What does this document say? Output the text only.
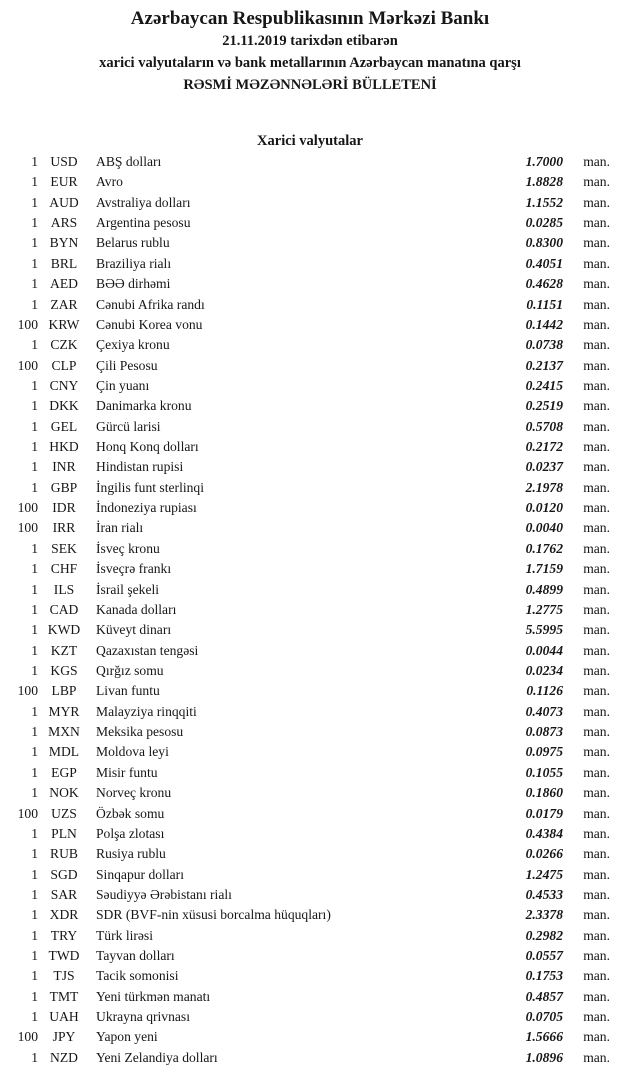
Azərbaycan Respublikasının Mərkəzi Bankı
21.11.2019 tarixdən etibarən
xarici valyutaların və bank metallarının Azərbaycan manatına qarşı
RƏSMİ MƏZƏNNƏLƏRİ BÜLLETENİ
Xarici valyutalar
1 USD	ABŞ dolları	1.7000	man.
1 EUR	Avro	1.8828	man.
1 AUD	Avstraliya dolları	1.1552	man.
1 ARS	Argentina pesosu	0.0285	man.
1 BYN	Belarus rublu	0.8300	man.
1 BRL	Braziliya rialı	0.4051	man.
1 AED	BƏƏ dirhəmi	0.4628	man.
1 ZAR	Cənubi Afrika randı	0.1151	man.
100 KRW	Cənubi Korea vonu	0.1442	man.
1 CZK	Çexiya kronu	0.0738	man.
100 CLP	Çili Pesosu	0.2137	man.
1 CNY	Çin yuanı	0.2415	man.
1 DKK	Danimarka kronu	0.2519	man.
1 GEL	Gürcü larisi	0.5708	man.
1 HKD	Honq Konq dolları	0.2172	man.
1	INR	Hindistan rupisi	0.0237	man.
1 GBP	İngilis funt sterlinqi	2.1978	man.
100	IDR	İndoneziya rupiası	0.0120	man.
100	IRR	İran rialı	0.0040	man.
1 SEK	İsveç kronu	0.1762	man.
1 CHF	İsveçrə frankı	1.7159	man.
1	ILS	İsrail şekeli	0.4899	man.
1 CAD	Kanada dolları	1.2775	man.
1 KWD	Küveyt dinarı	5.5995	man.
1 KZT	Qazaxıstan tengəsi	0.0044	man.
1 KGS	Qırğız somu	0.0234	man.
100 LBP	Livan funtu	0.1126	man.
1 MYR	Malayziya rinqqiti	0.4073	man.
1 MXN	Meksika pesosu	0.0873	man.
1 MDL	Moldova leyi	0.0975	man.
1 EGP	Misir funtu	0.1055	man.
1 NOK	Norveç kronu	0.1860	man.
100 UZS	Özbək somu	0.0179	man.
1 PLN	Polşa zlotası	0.4384	man.
1 RUB	Rusiya rublu	0.0266	man.
1 SGD	Sinqapur dolları	1.2475	man.
1 SAR	Səudiyyə Ərəbistanı rialı	0.4533	man.
1 XDR	SDR (BVF-nin xüsusi borcalma hüquqları)	2.3378	man.
1 TRY	Türk lirəsi	0.2982	man.
1 TWD	Tayvan dolları	0.0557	man.
1	TJS	Tacik somonisi	0.1753	man.
1 TMT	Yeni türkmən manatı	0.4857	man.
1 UAH	Ukrayna qrivnası	0.0705	man.
100	JPY	Yapon yeni	1.5666	man.
1 NZD	Yeni Zelandiya dolları	1.0896	man.
